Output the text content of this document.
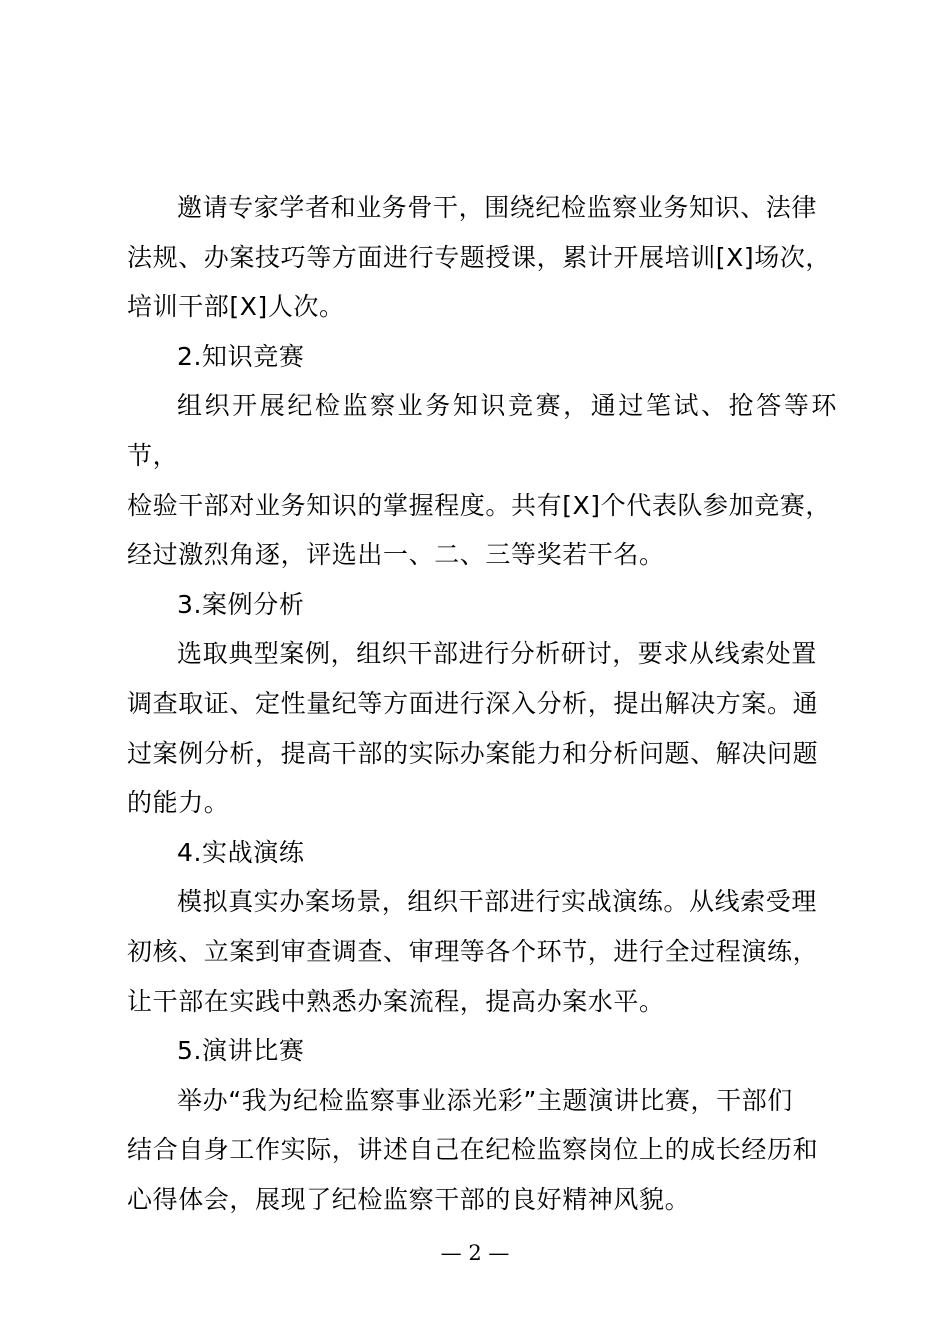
邀请专家学者和业务骨干，围绕纪检监察业务知识、法律
法规、办案技巧等方面进行专题授课，累计开展培训[X]场次，
培训干部[X]人次。

2.知识竞赛

组织开展纪检监察业务知识竞赛，通过笔试、抢答等环节，
检验干部对业务知识的掌握程度。共有[X]个代表队参加竞赛，
经过激烈角逐，评选出一、二、三等奖若干名。

3.案例分析

选取典型案例，组织干部进行分析研讨，要求从线索处置
调查取证、定性量纪等方面进行深入分析，提出解决方案。通
过案例分析，提高干部的实际办案能力和分析问题、解决问题
的能力。

4.实战演练

模拟真实办案场景，组织干部进行实战演练。从线索受理
初核、立案到审查调查、审理等各个环节，进行全过程演练，
让干部在实践中熟悉办案流程，提高办案水平。

5.演讲比赛

举办“我为纪检监察事业添光彩”主题演讲比赛，干部们
结合自身工作实际，讲述自己在纪检监察岗位上的成长经历和
心得体会，展现了纪检监察干部的良好精神风貌。

— 2 —
